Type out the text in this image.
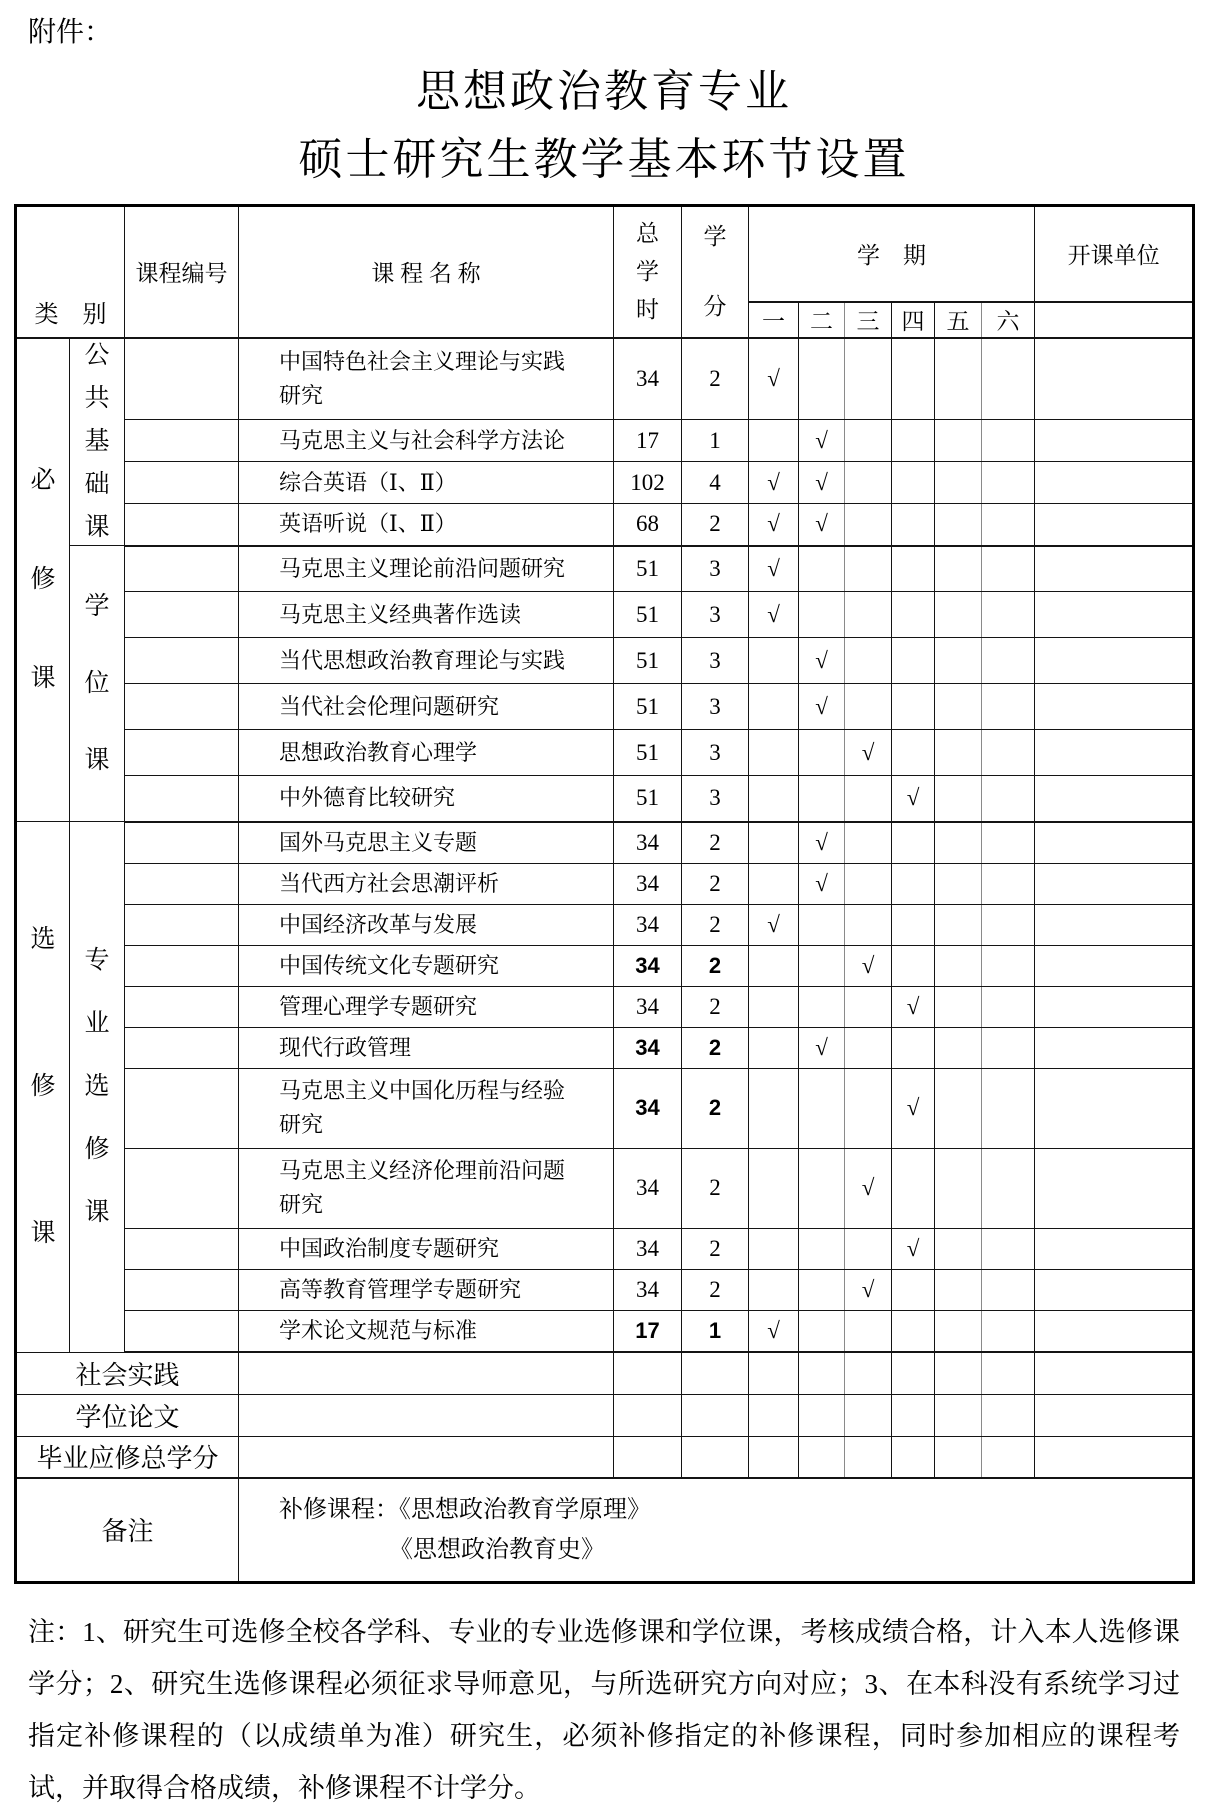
附件：
思想政治教育专业
硕士研究生教学基本环节设置
类　别		课程编号	课 程 名 称	总
学
时	学
分	学　期						开课单位
						一	二	三	四	五	六	

必
修
课	公
共
基
础
课		中国特色社会主义理论与实践研究	34	2	√						
			马克思主义与社会科学方法论	17	1		√					
			综合英语（Ⅰ、Ⅱ）	102	4	√	√					
			英语听说（Ⅰ、Ⅱ）	68	2	√	√					

	学
位
课		马克思主义理论前沿问题研究	51	3	√						
			马克思主义经典著作选读	51	3	√						
			当代思想政治教育理论与实践	51	3		√					
			当代社会伦理问题研究	51	3		√					
			思想政治教育心理学	51	3			√				
			中外德育比较研究	51	3				√			

选
修
课	专
业
选
修
课		国外马克思主义专题	34	2		√					
			当代西方社会思潮评析	34	2		√					
			中国经济改革与发展	34	2	√						
			中国传统文化专题研究	34	2			√				
			管理心理学专题研究	34	2				√			
			现代行政管理	34	2		√					
			马克思主义中国化历程与经验研究	34	2				√			
			马克思主义经济伦理前沿问题研究	34	2			√				
			中国政治制度专题研究	34	2				√			
			高等教育管理学专题研究	34	2			√				
			学术论文规范与标准	17	1	√						
社会实践												
学位论文												
毕业应修总学分												
备注			补修课程：《思想政治教育学原理》
《思想政治教育史》									
注：1、研究生可选修全校各学科、专业的专业选修课和学位课，考核成绩合格，计入本人选修课学分；2、研究生选修课程必须征求导师意见，与所选研究方向对应；3、在本科没有系统学习过指定补修课程的（以成绩单为准）研究生，必须补修指定的补修课程，同时参加相应的课程考试，并取得合格成绩，补修课程不计学分。
